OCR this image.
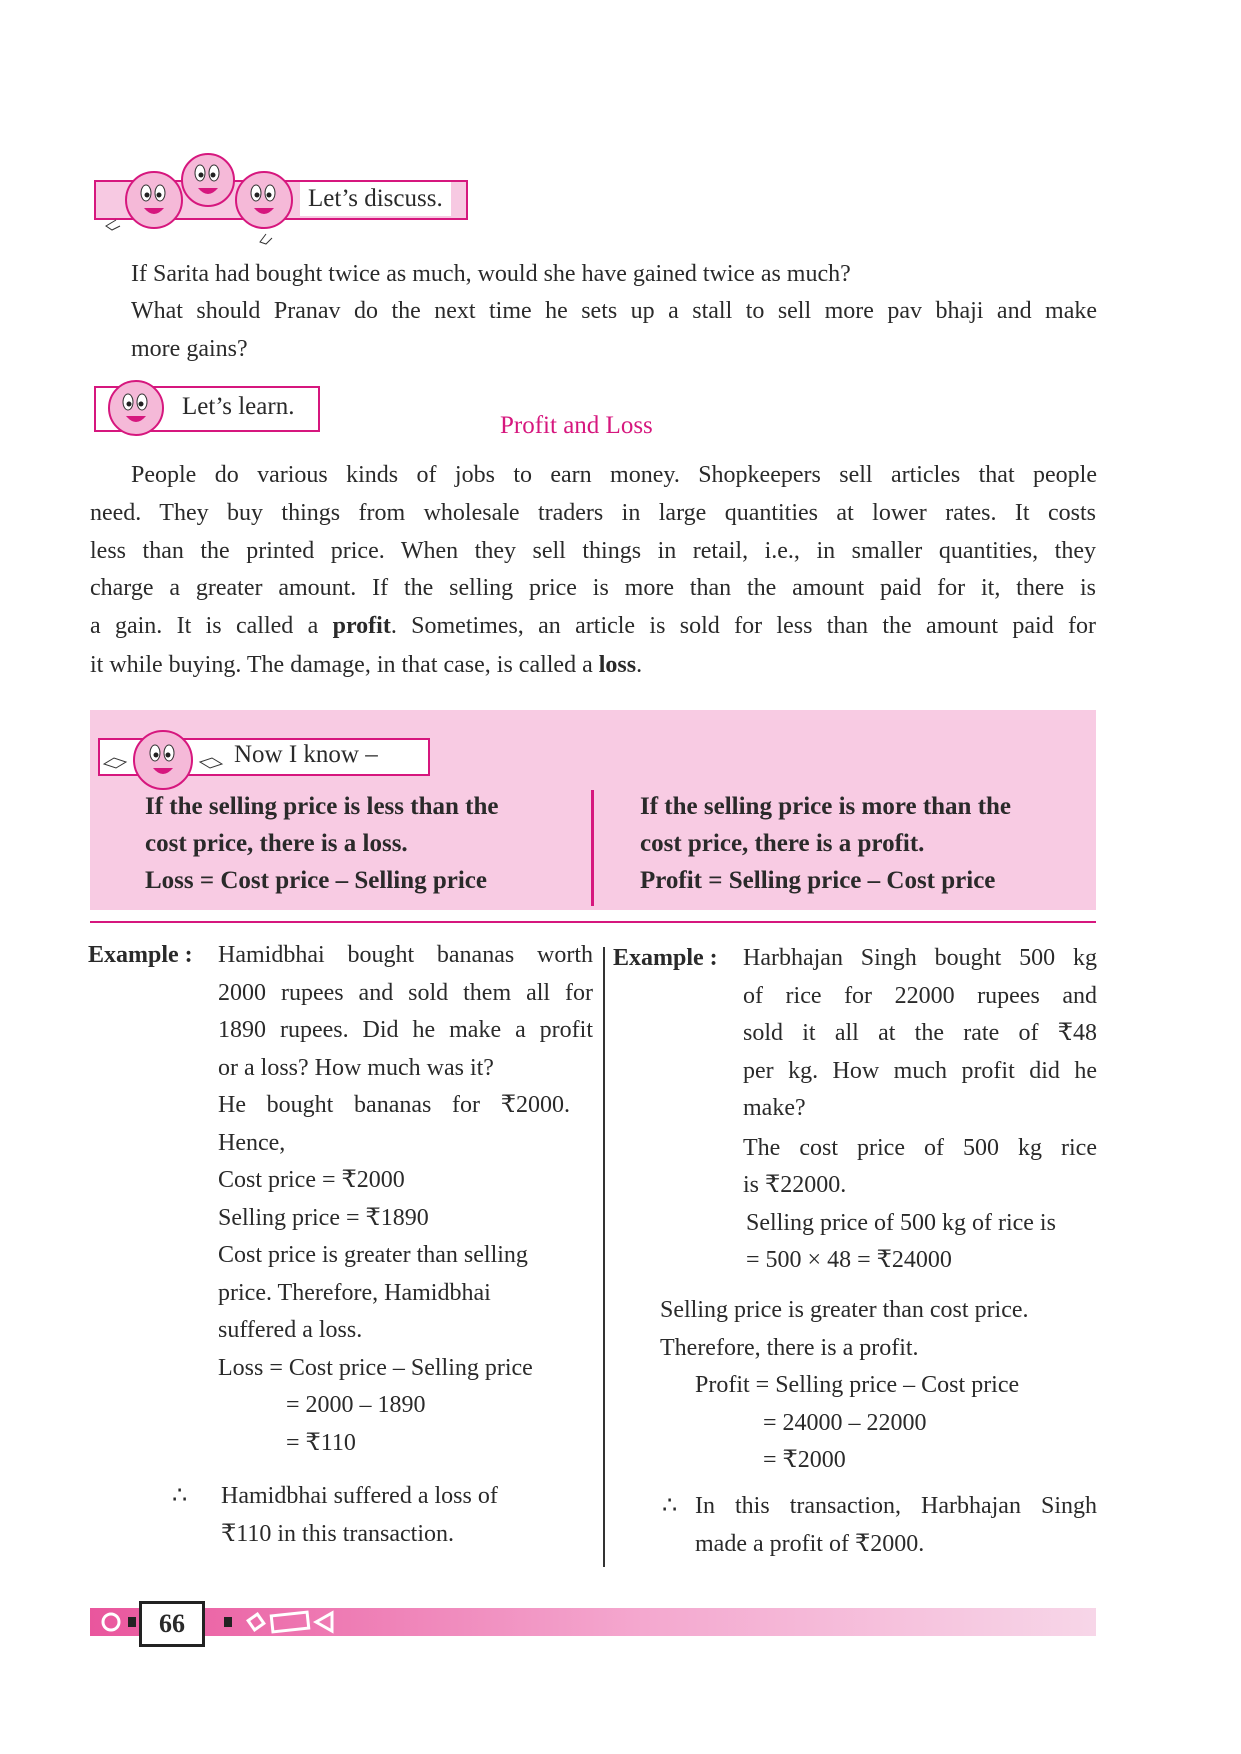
Let’s discuss.
If Sarita had bought twice as much, would she have gained twice as much?
What should Pranav do the next time he sets up a stall to sell more pav bhaji and make
more gains?
Let’s learn.
Profit and Loss
People do various kinds of jobs to earn money. Shopkeepers sell articles that people
need. They buy things from wholesale traders in large quantities at lower rates. It costs
less than the printed price. When they sell things in retail, i.e., in smaller quantities, they
charge a greater amount. If the selling price is more than the amount paid for it, there is
a gain. It is called a profit. Sometimes, an article is sold for less than the amount paid for
it while buying. The damage, in that case, is called a loss.
Now I know –
If the selling price is less than the
cost price, there is a loss.
Loss = Cost price – Selling price
If the selling price is more than the
cost price, there is a profit.
Profit = Selling price – Cost price
Example : Hamidbhai bought bananas worth
2000 rupees and sold them all for
1890 rupees. Did he make a profit
or a loss? How much was it?
He bought bananas for ₹2000.
Hence,
Cost price = ₹2000
Selling price = ₹1890
Cost price is greater than selling
price. Therefore, Hamidbhai
suffered a loss.
Loss = Cost price – Selling price
= 2000 – 1890
= ₹110
∴ Hamidbhai suffered a loss of
₹110 in this transaction.
Example : Harbhajan Singh bought 500 kg
of rice for 22000 rupees and
sold it all at the rate of ₹48
per kg. How much profit did he
make?
The cost price of 500 kg rice
is ₹22000.
Selling price of 500 kg of rice is
= 500 × 48 = ₹24000
Selling price is greater than cost price.
Therefore, there is a profit.
Profit = Selling price – Cost price
= 24000 – 22000
= ₹2000
∴ In this transaction, Harbhajan Singh
made a profit of ₹2000.
66
